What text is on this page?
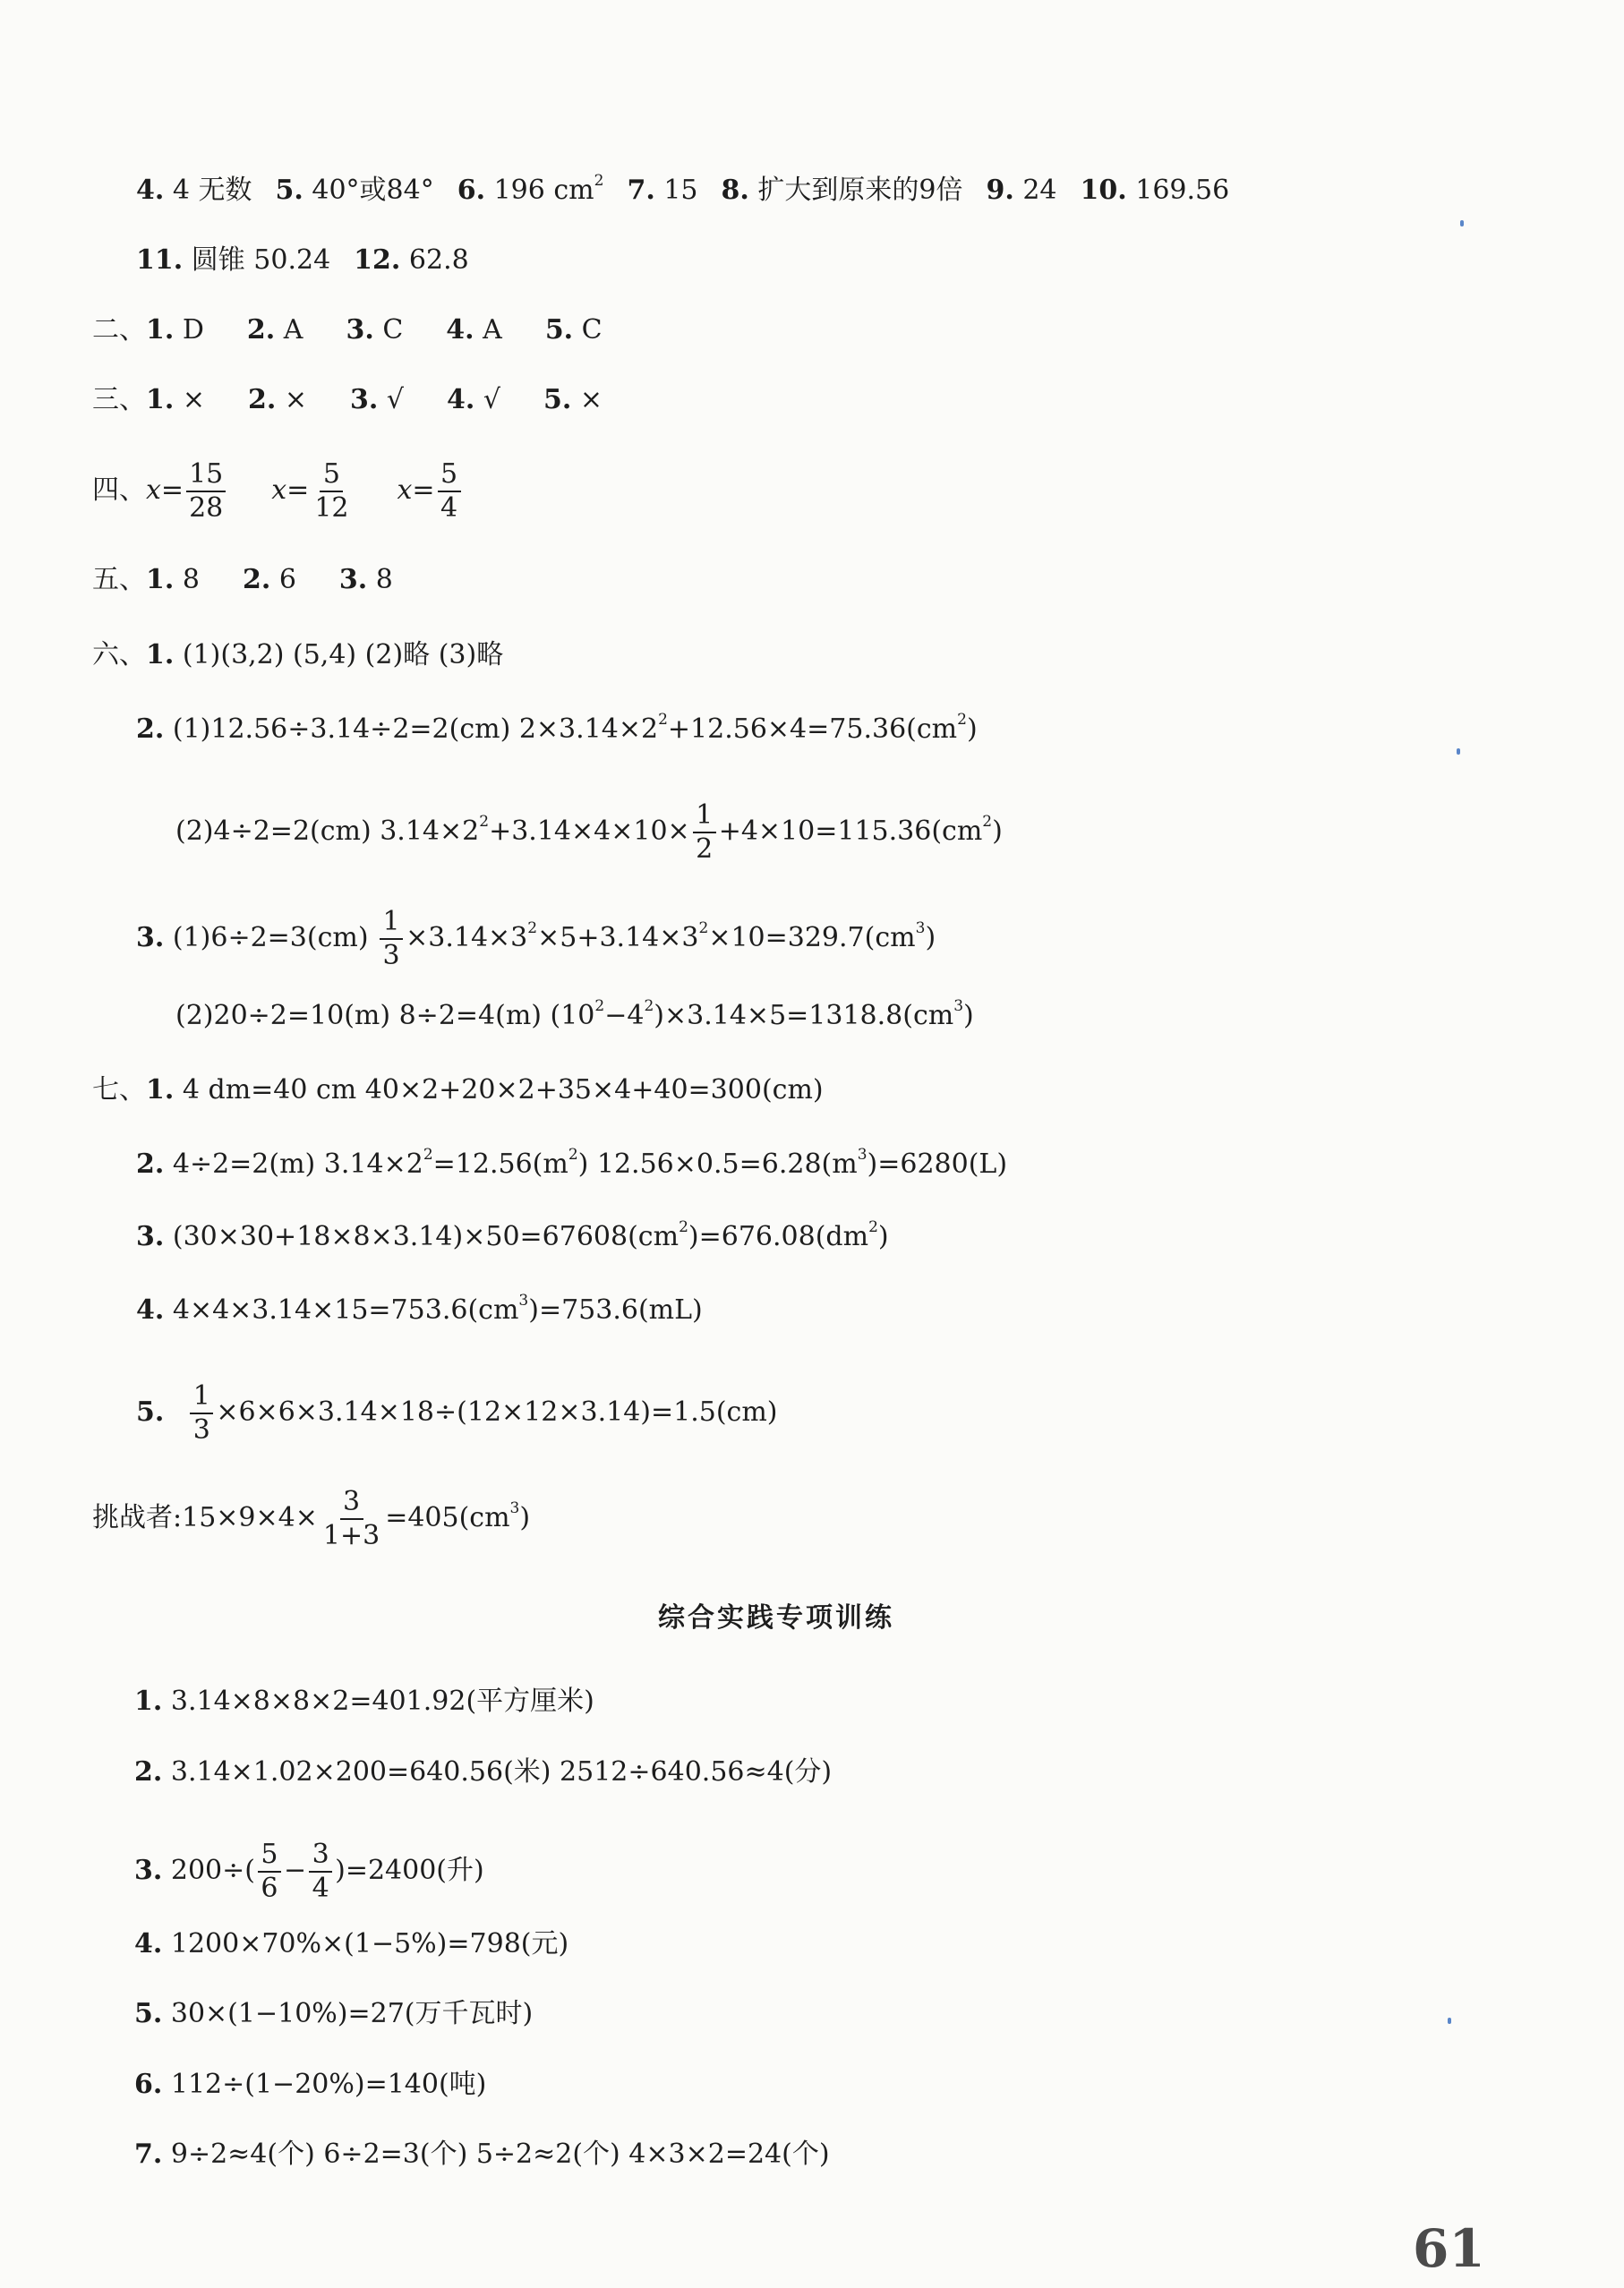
4. 4 无数 5. 40°或84° 6. 196 $cm^2$ 7. 15 8. 扩大到原来的9倍 9. 24 10. 169.56
11. 圆锥 50.24 12. 62.8
二、1. D 2. A 3. C 4. A 5. C
三、1. × 2. × 3. √ 4. √ 5. ×
四、$x= \frac{15}{28} x= \frac{5}{12} x= \frac{5}{4}$
五、1. 8 2. 6 3. 8
六、1. (1)(3,2) (5,4) (2)略 (3)略
2. (1)12.56÷3.14÷2=2(cm) $2\times 3.14\times 2^2+12.56\times 4=75.36(cm^2)$
(2)4÷2=2(cm) $3.14\times 2^2+3.14\times 4\times 10\times \frac{1}{2} +4\times 10=115.36(cm^2)$
3. $(1)6\div 2=3(cm) \frac{1}{3} \times 3.14\times 3^2\times 5+3.14\times 3^2\times 10=329.7(cm^3)$
(2)20÷2=10(m) 8÷2=4(m) $(10^2-4^2)\times 3.14\times 5=1318.8(cm^3)$
七、1. 4 dm=40 cm 40×2+20×2+35×4+40=300(cm)
2. 4÷2=2(m) $3.14\times 2^2=12.56(m^2)$ $12.56\times 0.5=6.28(m^3)=6280(L)$
3. $(30\times 30+18\times 8\times 3.14)\times 50=67608(cm^2)=676.08(dm^2)$
4. $4\times 4\times 3.14\times 15=753.6(cm^3)=753.6(mL)$
5. $\frac{1}{3} \times 6\times 6\times 3.14\times 18\div(12\times 12\times 3.14)=1.5(cm)$
挑战者:15×9×4× $\frac{3}{1+3} =405(cm^3)$
综合实践专项训练
1. 3.14×8×8×2=401.92(平方厘米)
2. 3.14×1.02×200=640.56(米) 2512÷640.56≈4(分)
3. $200\div( \frac{5}{6} - \frac{3}{4} )=2400$(升)
4. 1200×70%×(1−5%)=798(元)
5. 30×(1−10%)=27(万千瓦时)
6. 112÷(1−20%)=140(吨)
7. 9÷2≈4(个) 6÷2=3(个) 5÷2≈2(个) 4×3×2=24(个)
61
